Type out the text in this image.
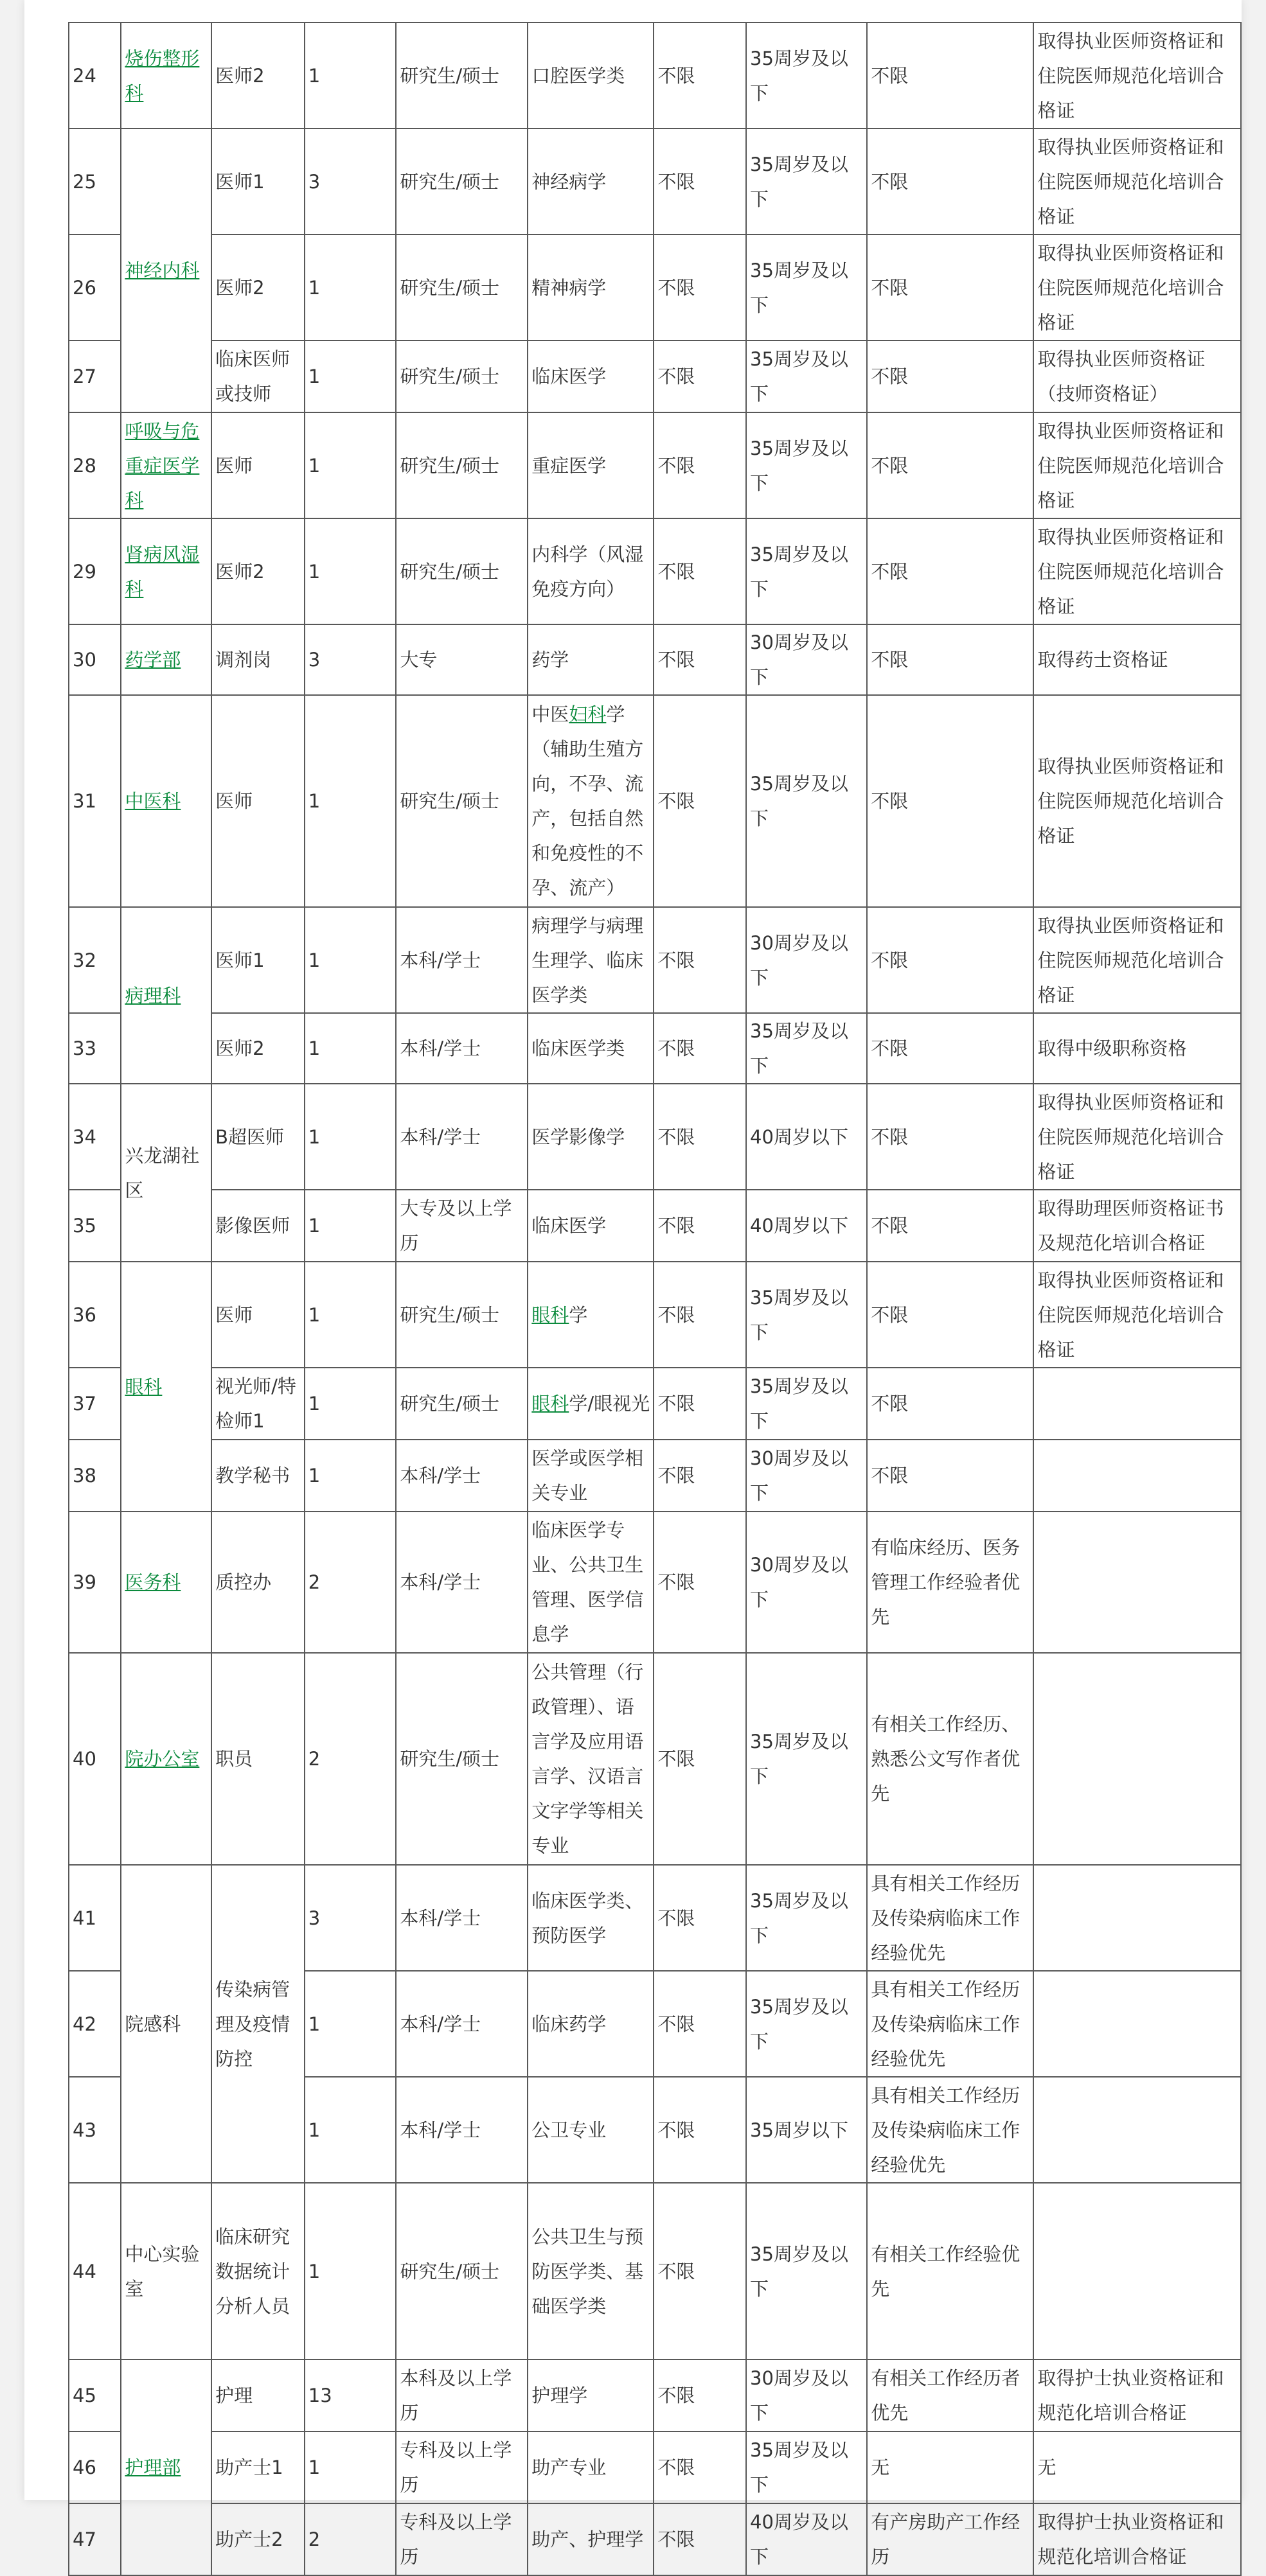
24	烧伤整形科	医师2	1	研究生/硕士	口腔医学类	不限	35周岁及以下	不限	取得执业医师资格证和住院医师规范化培训合格证
25	神经内科	医师1	3	研究生/硕士	神经病学	不限	35周岁及以下	不限	取得执业医师资格证和住院医师规范化培训合格证
26		医师2	1	研究生/硕士	精神病学	不限	35周岁及以下	不限	取得执业医师资格证和住院医师规范化培训合格证
27		临床医师或技师	1	研究生/硕士	临床医学	不限	35周岁及以下	不限	取得执业医师资格证（技师资格证）
28	呼吸与危重症医学科	医师	1	研究生/硕士	重症医学	不限	35周岁及以下	不限	取得执业医师资格证和住院医师规范化培训合格证
29	肾病风湿科	医师2	1	研究生/硕士	内科学（风湿免疫方向）	不限	35周岁及以下	不限	取得执业医师资格证和住院医师规范化培训合格证
30	药学部	调剂岗	3	大专	药学	不限	30周岁及以下	不限	取得药士资格证
31	中医科	医师	1	研究生/硕士	中医妇科学（辅助生殖方向，不孕、流产，包括自然和免疫性的不孕、流产）	不限	35周岁及以下	不限	取得执业医师资格证和住院医师规范化培训合格证
32	病理科	医师1	1	本科/学士	病理学与病理生理学、临床医学类	不限	30周岁及以下	不限	取得执业医师资格证和住院医师规范化培训合格证
33		医师2	1	本科/学士	临床医学类	不限	35周岁及以下	不限	取得中级职称资格
34	兴龙湖社区	B超医师	1	本科/学士	医学影像学	不限	40周岁以下	不限	取得执业医师资格证和住院医师规范化培训合格证
35		影像医师	1	大专及以上学历	临床医学	不限	40周岁以下	不限	取得助理医师资格证书及规范化培训合格证
36	眼科	医师	1	研究生/硕士	眼科学	不限	35周岁及以下	不限	取得执业医师资格证和住院医师规范化培训合格证
37		视光师/特检师1	1	研究生/硕士	眼科学/眼视光	不限	35周岁及以下	不限	
38		教学秘书	1	本科/学士	医学或医学相关专业	不限	30周岁及以下	不限	
39	医务科	质控办	2	本科/学士	临床医学专业、公共卫生管理、医学信息学	不限	30周岁及以下	有临床经历、医务管理工作经验者优先	
40	院办公室	职员	2	研究生/硕士	公共管理（行政管理）、语言学及应用语言学、汉语言文字学等相关专业	不限	35周岁及以下	有相关工作经历、熟悉公文写作者优先	
41	院感科	传染病管理及疫情防控	3	本科/学士	临床医学类、预防医学	不限	35周岁及以下	具有相关工作经历及传染病临床工作经验优先	
42			1	本科/学士	临床药学	不限	35周岁及以下	具有相关工作经历及传染病临床工作经验优先	
43			1	本科/学士	公卫专业	不限	35周岁以下	具有相关工作经历及传染病临床工作经验优先	
44	中心实验室	临床研究数据统计分析人员	1	研究生/硕士	公共卫生与预防医学类、基础医学类	不限	35周岁及以下	有相关工作经验优先	
45	护理部	护理	13	本科及以上学历	护理学	不限	30周岁及以下	有相关工作经历者优先	取得护士执业资格证和规范化培训合格证
46		助产士1	1	专科及以上学历	助产专业	不限	35周岁及以下	无	无
47		助产士2	2	专科及以上学历	助产、护理学	不限	40周岁及以下	有产房助产工作经历	取得护士执业资格证和规范化培训合格证
